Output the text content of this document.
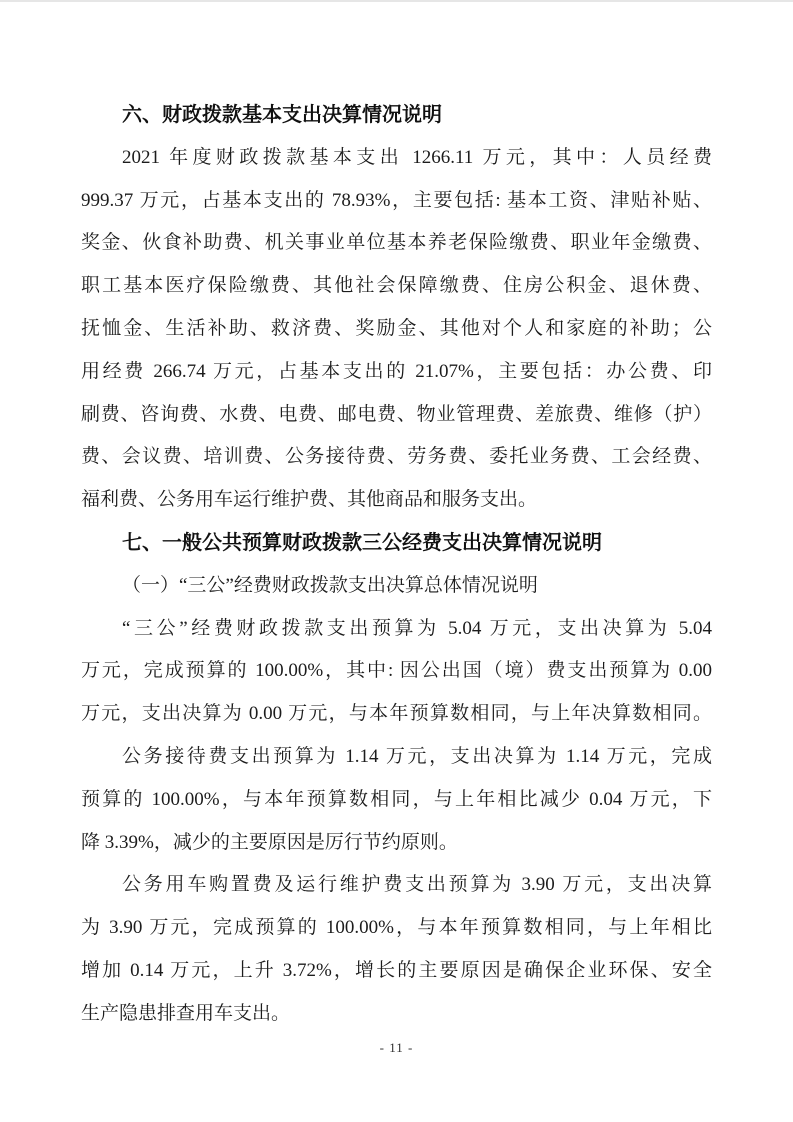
六、财政拨款基本支出决算情况说明
2021 年度财政拨款基本支出 1266.11 万元，其中：人员经费
999.37 万元，占基本支出的 78.93%，主要包括: 基本工资、津贴补贴、
奖金、伙食补助费、机关事业单位基本养老保险缴费、职业年金缴费、
职工基本医疗保险缴费、其他社会保障缴费、住房公积金、退休费、
抚恤金、生活补助、救济费、奖励金、其他对个人和家庭的补助；公
用经费 266.74 万元，占基本支出的 21.07%，主要包括：办公费、印
刷费、咨询费、水费、电费、邮电费、物业管理费、差旅费、维修（护）
费、会议费、培训费、公务接待费、劳务费、委托业务费、工会经费、
福利费、公务用车运行维护费、其他商品和服务支出。
七、一般公共预算财政拨款三公经费支出决算情况说明
（一）“三公”经费财政拨款支出决算总体情况说明
“三公”经费财政拨款支出预算为 5.04 万元，支出决算为 5.04
万元，完成预算的 100.00%，其中: 因公出国（境）费支出预算为 0.00
万元，支出决算为 0.00 万元，与本年预算数相同，与上年决算数相同。
公务接待费支出预算为 1.14 万元，支出决算为 1.14 万元，完成
预算的 100.00%，与本年预算数相同，与上年相比减少 0.04 万元，下
降 3.39%，减少的主要原因是厉行节约原则。
公务用车购置费及运行维护费支出预算为 3.90 万元，支出决算
为 3.90 万元，完成预算的 100.00%，与本年预算数相同，与上年相比
增加 0.14 万元，上升 3.72%，增长的主要原因是确保企业环保、安全
生产隐患排查用车支出。
- 11 -
